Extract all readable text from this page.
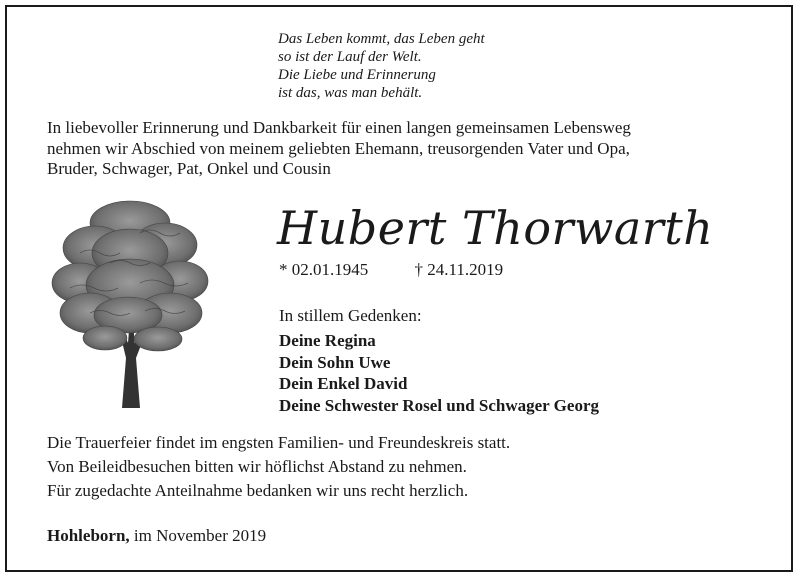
Das Leben kommt, das Leben geht
so ist der Lauf der Welt.
Die Liebe und Erinnerung
ist das, was man behält.
In liebevoller Erinnerung und Dankbarkeit für einen langen gemeinsamen Lebensweg
nehmen wir Abschied von meinem geliebten Ehemann, treusorgenden Vater und Opa,
Bruder, Schwager, Pat, Onkel und Cousin
Hubert Thorwarth
* 02.01.1945	† 24.11.2019
In stillem Gedenken:
Deine Regina
Dein Sohn Uwe
Dein Enkel David
Deine Schwester Rosel und Schwager Georg
Die Trauerfeier findet im engsten Familien- und Freundeskreis statt.
Von Beileidbesuchen bitten wir höflichst Abstand zu nehmen.
Für zugedachte Anteilnahme bedanken wir uns recht herzlich.
Hohleborn, im November 2019
